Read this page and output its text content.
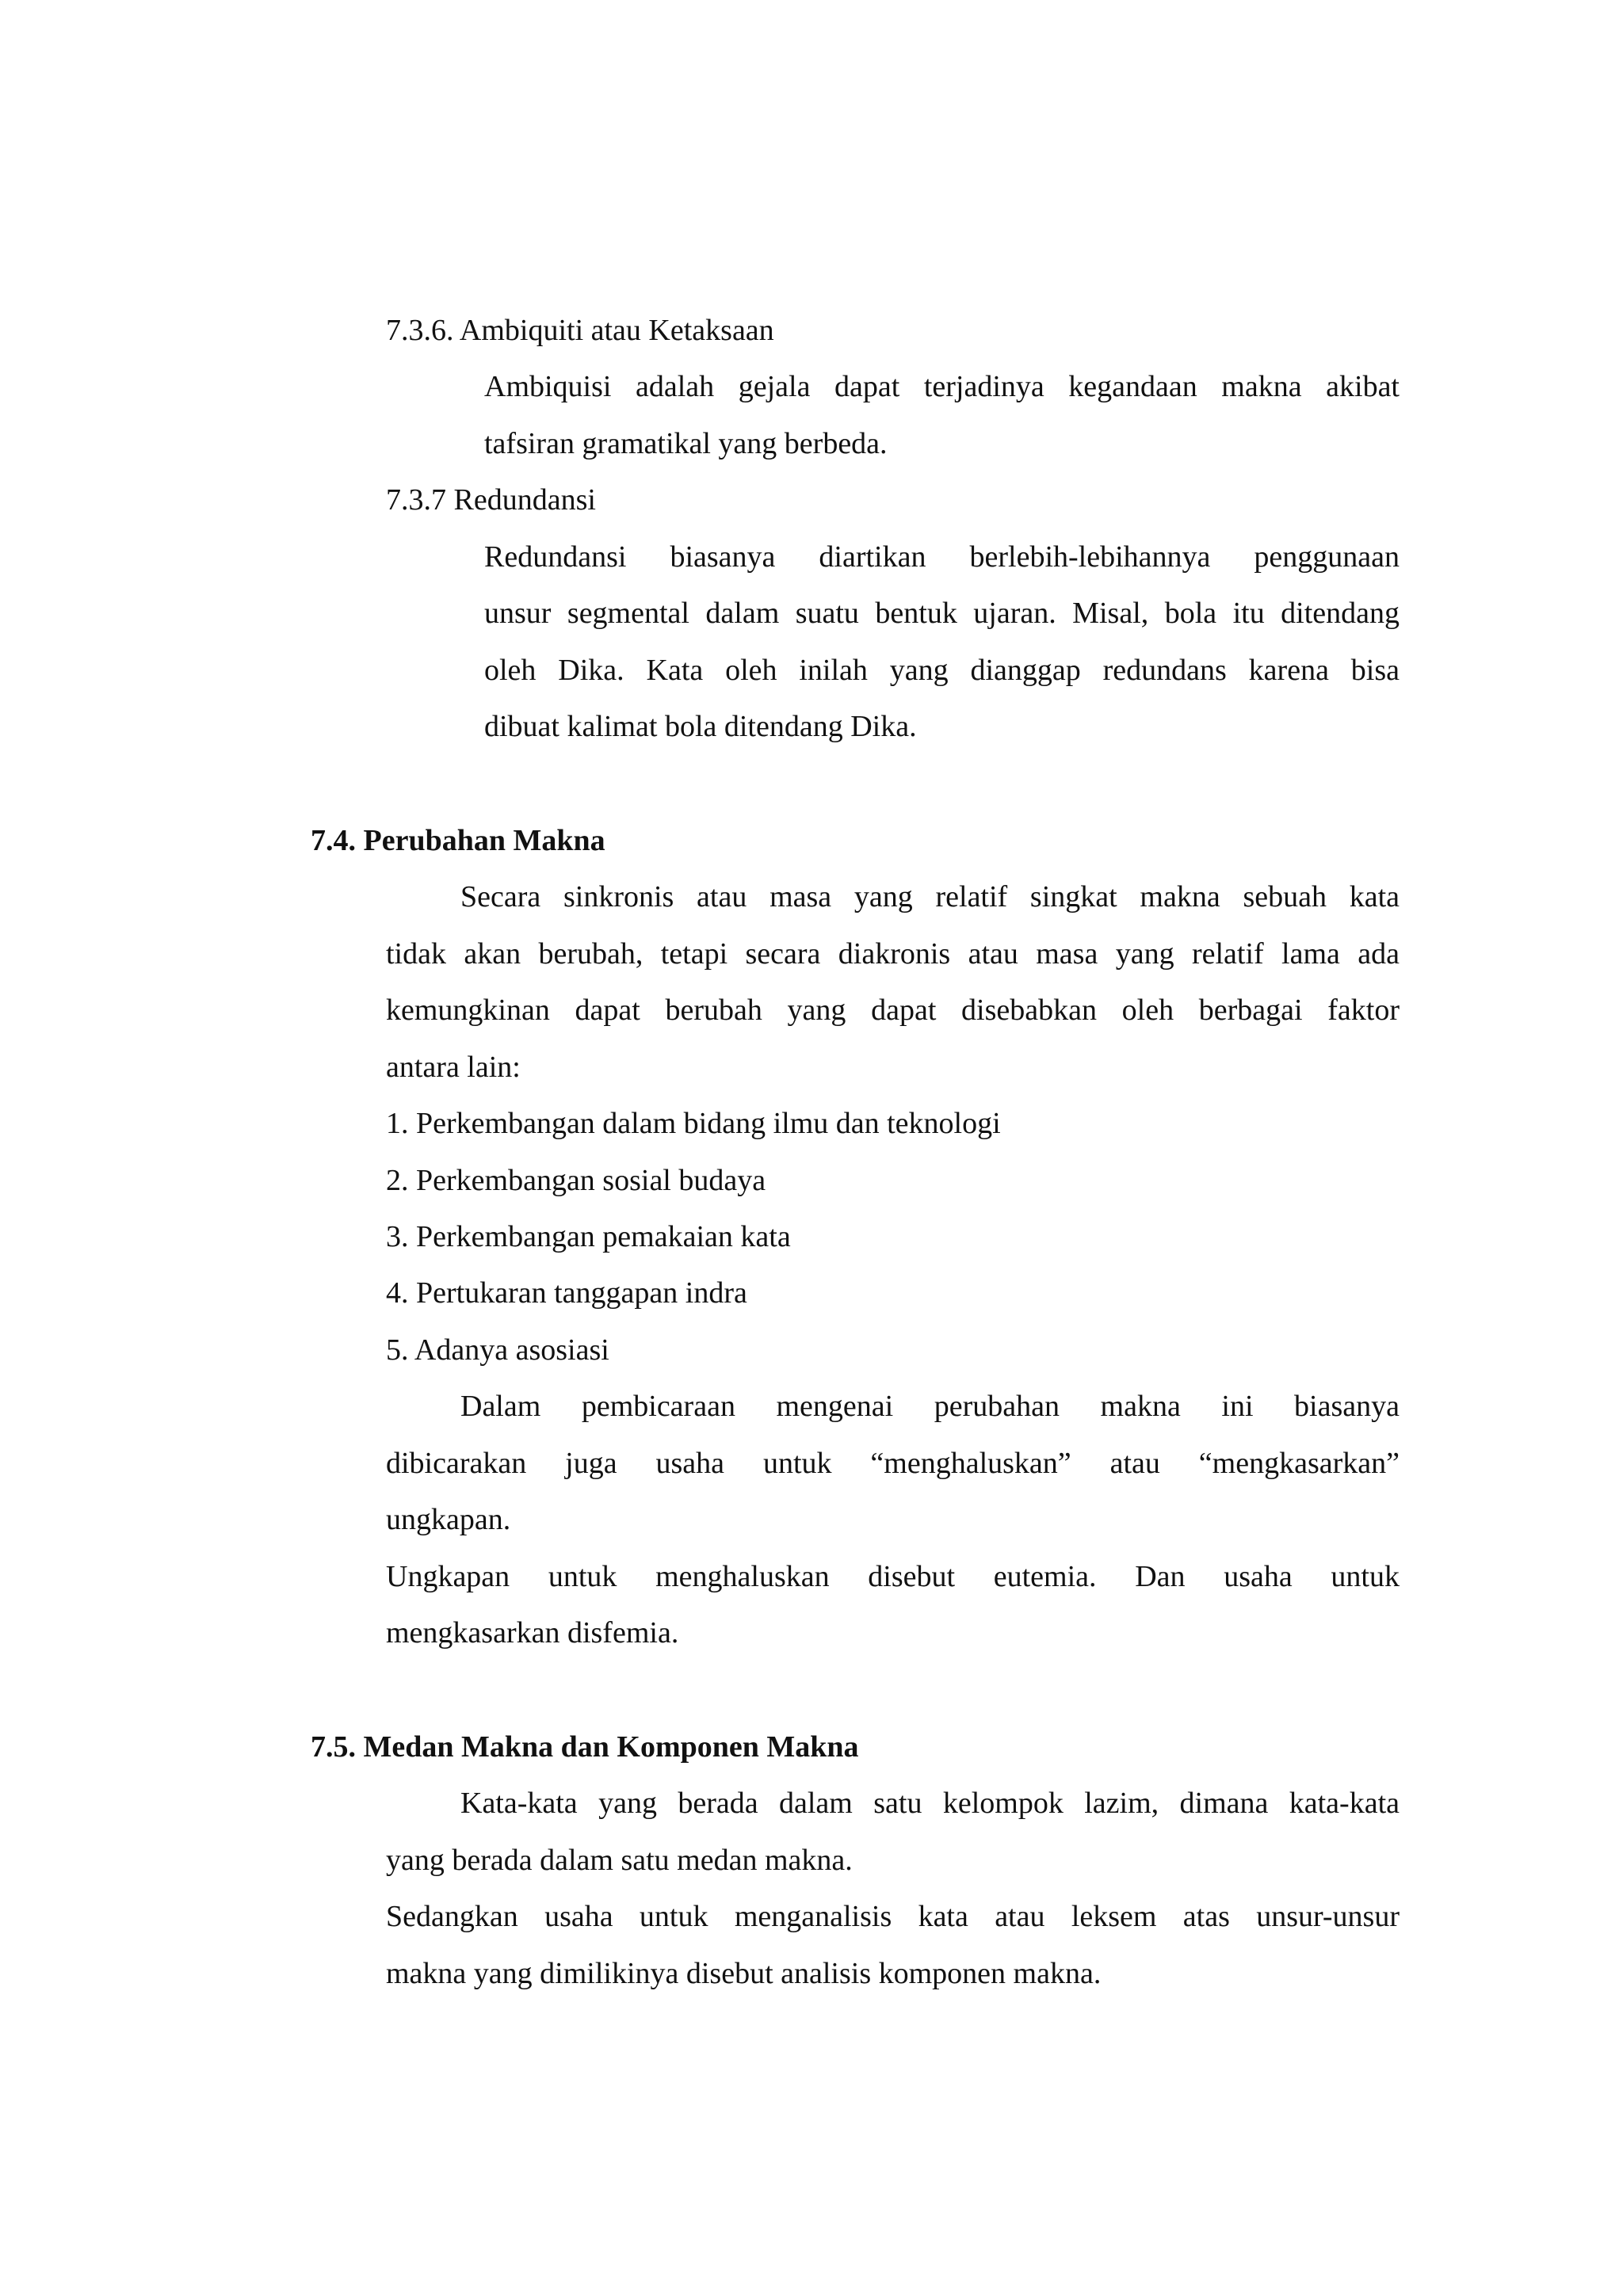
7.3.6. Ambiquiti atau Ketaksaan
Ambiquisi adalah gejala dapat terjadinya kegandaan makna akibat
tafsiran gramatikal yang berbeda.
7.3.7 Redundansi
Redundansi biasanya diartikan berlebih-lebihannya penggunaan
unsur segmental dalam suatu bentuk ujaran. Misal, bola itu ditendang
oleh Dika. Kata oleh inilah yang dianggap redundans karena bisa
dibuat kalimat bola ditendang Dika.
7.4. Perubahan Makna
Secara sinkronis atau masa yang relatif singkat makna sebuah kata
tidak akan berubah, tetapi secara diakronis atau masa yang relatif lama ada
kemungkinan dapat berubah yang dapat disebabkan oleh berbagai faktor
antara lain:
1. Perkembangan dalam bidang ilmu dan teknologi
2. Perkembangan sosial budaya
3. Perkembangan pemakaian kata
4. Pertukaran tanggapan indra
5. Adanya asosiasi
Dalam pembicaraan mengenai perubahan makna ini biasanya
dibicarakan juga usaha untuk “menghaluskan” atau “mengkasarkan”
ungkapan.
Ungkapan untuk menghaluskan disebut eutemia. Dan usaha untuk
mengkasarkan disfemia.
7.5. Medan Makna dan Komponen Makna
Kata-kata yang berada dalam satu kelompok lazim, dimana kata-kata
yang berada dalam satu medan makna.
Sedangkan usaha untuk menganalisis kata atau leksem atas unsur-unsur
makna yang dimilikinya disebut analisis komponen makna.
